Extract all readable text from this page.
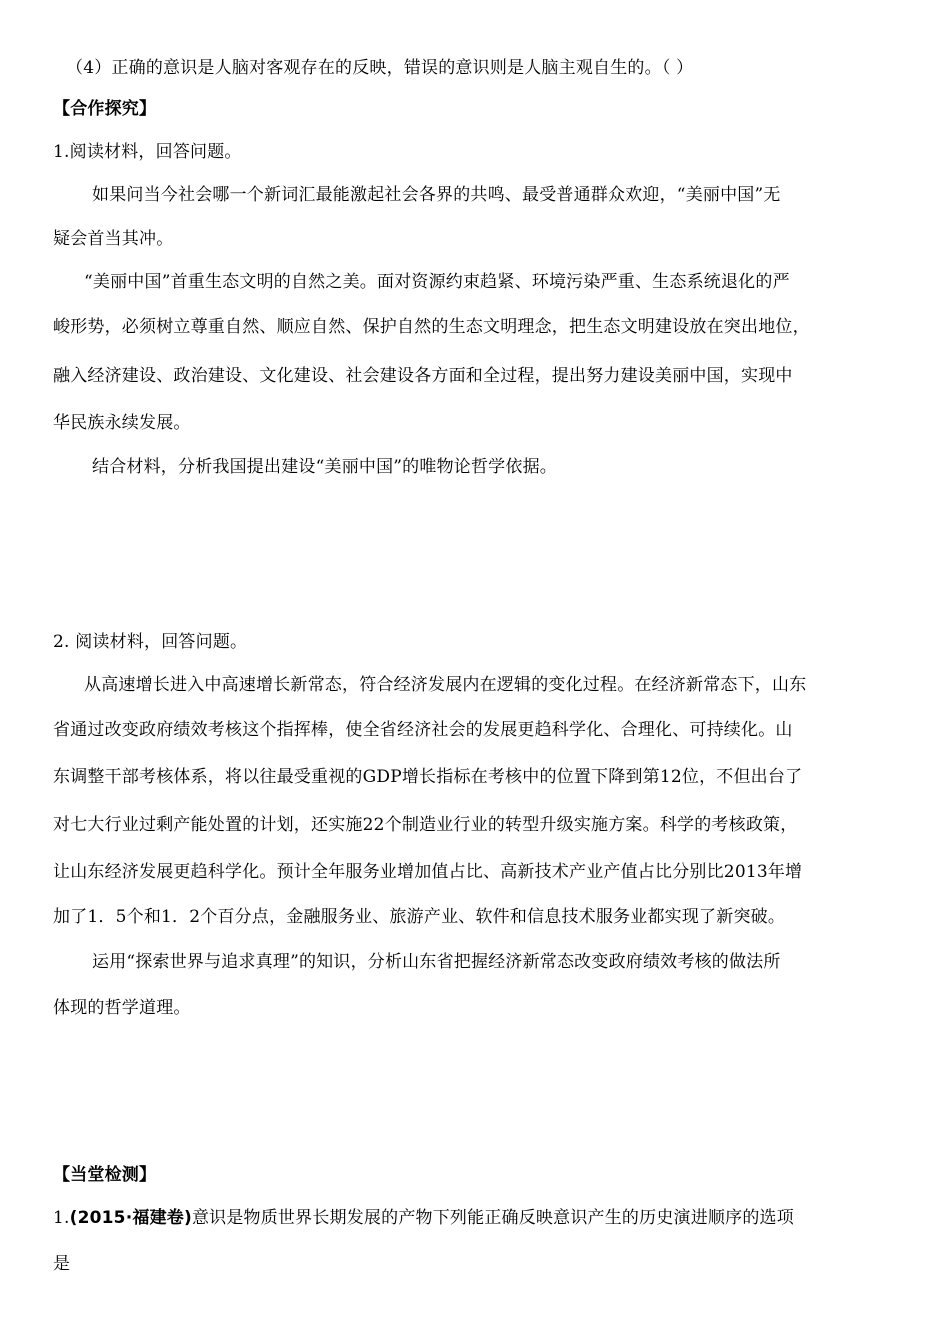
（4）正确的意识是人脑对客观存在的反映，错误的意识则是人脑主观自生的。（ ）
【合作探究】
1.阅读材料，回答问题。
如果问当今社会哪一个新词汇最能激起社会各界的共鸣、最受普通群众欢迎，“美丽中国”无
疑会首当其冲。
“美丽中国”首重生态文明的自然之美。面对资源约束趋紧、环境污染严重、生态系统退化的严
峻形势，必须树立尊重自然、顺应自然、保护自然的生态文明理念，把生态文明建设放在突出地位，
融入经济建设、政治建设、文化建设、社会建设各方面和全过程，提出努力建设美丽中国，实现中
华民族永续发展。
结合材料，分析我国提出建设“美丽中国”的唯物论哲学依据。
2. 阅读材料，回答问题。
从高速增长进入中高速增长新常态，符合经济发展内在逻辑的变化过程。在经济新常态下，山东
省通过改变政府绩效考核这个指挥棒，使全省经济社会的发展更趋科学化、合理化、可持续化。山
东调整干部考核体系，将以往最受重视的GDP增长指标在考核中的位置下降到第12位，不但出台了
对七大行业过剩产能处置的计划，还实施22个制造业行业的转型升级实施方案。科学的考核政策，
让山东经济发展更趋科学化。预计全年服务业增加值占比、高新技术产业产值占比分别比2013年增
加了1．5个和1．2个百分点，金融服务业、旅游产业、软件和信息技术服务业都实现了新突破。
运用“探索世界与追求真理”的知识，分析山东省把握经济新常态改变政府绩效考核的做法所
体现的哲学道理。
【当堂检测】
1.(2015·福建卷)意识是物质世界长期发展的产物下列能正确反映意识产生的历史演进顺序的选项
是
